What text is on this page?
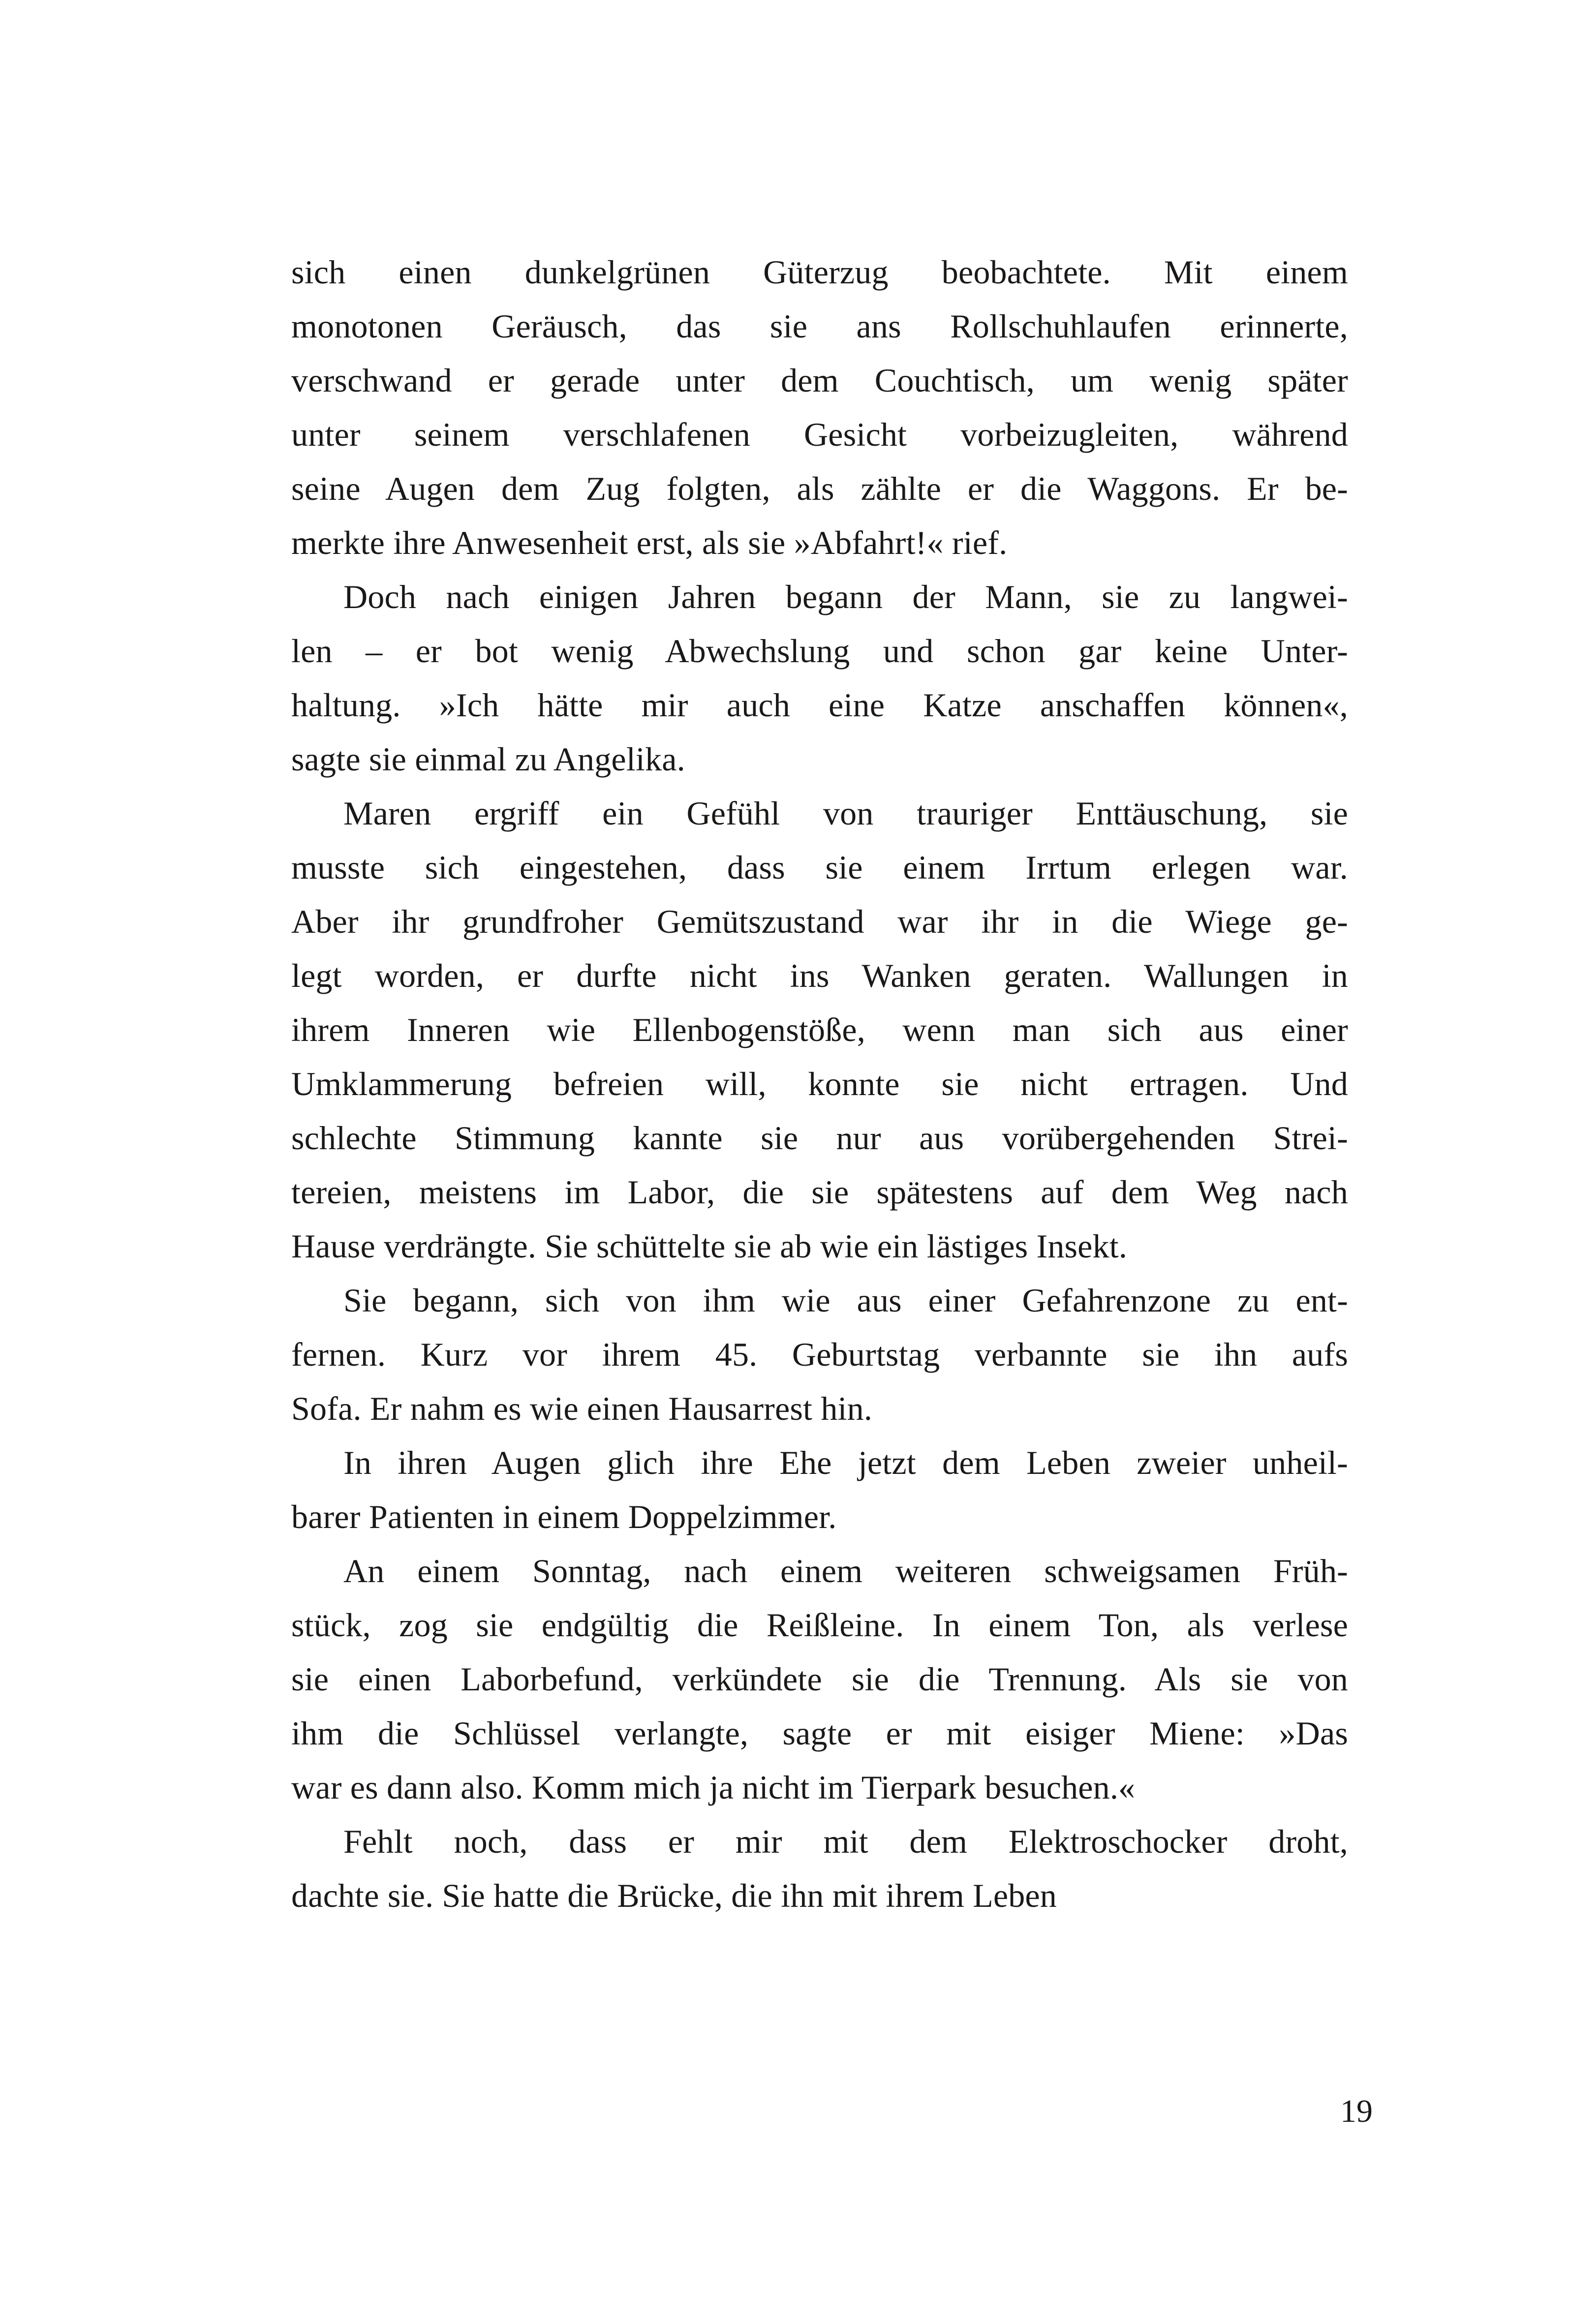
sich einen dunkelgrünen Güterzug beobachtete. Mit einem
monotonen Geräusch, das sie ans Rollschuhlaufen erinnerte,
verschwand er gerade unter dem Couchtisch, um wenig später
unter seinem verschlafenen Gesicht vorbeizugleiten, während
seine Augen dem Zug folgten, als zählte er die Waggons. Er be-
merkte ihre Anwesenheit erst, als sie »Abfahrt!« rief.
Doch nach einigen Jahren begann der Mann, sie zu langwei-
len – er bot wenig Abwechslung und schon gar keine Unter-
haltung. »Ich hätte mir auch eine Katze anschaffen können«,
sagte sie einmal zu Angelika.
Maren ergriff ein Gefühl von trauriger Enttäuschung, sie
musste sich eingestehen, dass sie einem Irrtum erlegen war.
Aber ihr grundfroher Gemütszustand war ihr in die Wiege ge-
legt worden, er durfte nicht ins Wanken geraten. Wallungen in
ihrem Inneren wie Ellenbogenstöße, wenn man sich aus einer
Umklammerung befreien will, konnte sie nicht ertragen. Und
schlechte Stimmung kannte sie nur aus vorübergehenden Strei-
tereien, meistens im Labor, die sie spätestens auf dem Weg nach
Hause verdrängte. Sie schüttelte sie ab wie ein lästiges Insekt.
Sie begann, sich von ihm wie aus einer Gefahrenzone zu ent-
fernen. Kurz vor ihrem 45. Geburtstag verbannte sie ihn aufs
Sofa. Er nahm es wie einen Hausarrest hin.
In ihren Augen glich ihre Ehe jetzt dem Leben zweier unheil-
barer Patienten in einem Doppelzimmer.
An einem Sonntag, nach einem weiteren schweigsamen Früh-
stück, zog sie endgültig die Reißleine. In einem Ton, als verlese
sie einen Laborbefund, verkündete sie die Trennung. Als sie von
ihm die Schlüssel verlangte, sagte er mit eisiger Miene: »Das
war es dann also. Komm mich ja nicht im Tierpark besuchen.«
Fehlt noch, dass er mir mit dem Elektroschocker droht,
dachte sie. Sie hatte die Brücke, die ihn mit ihrem Leben
19
